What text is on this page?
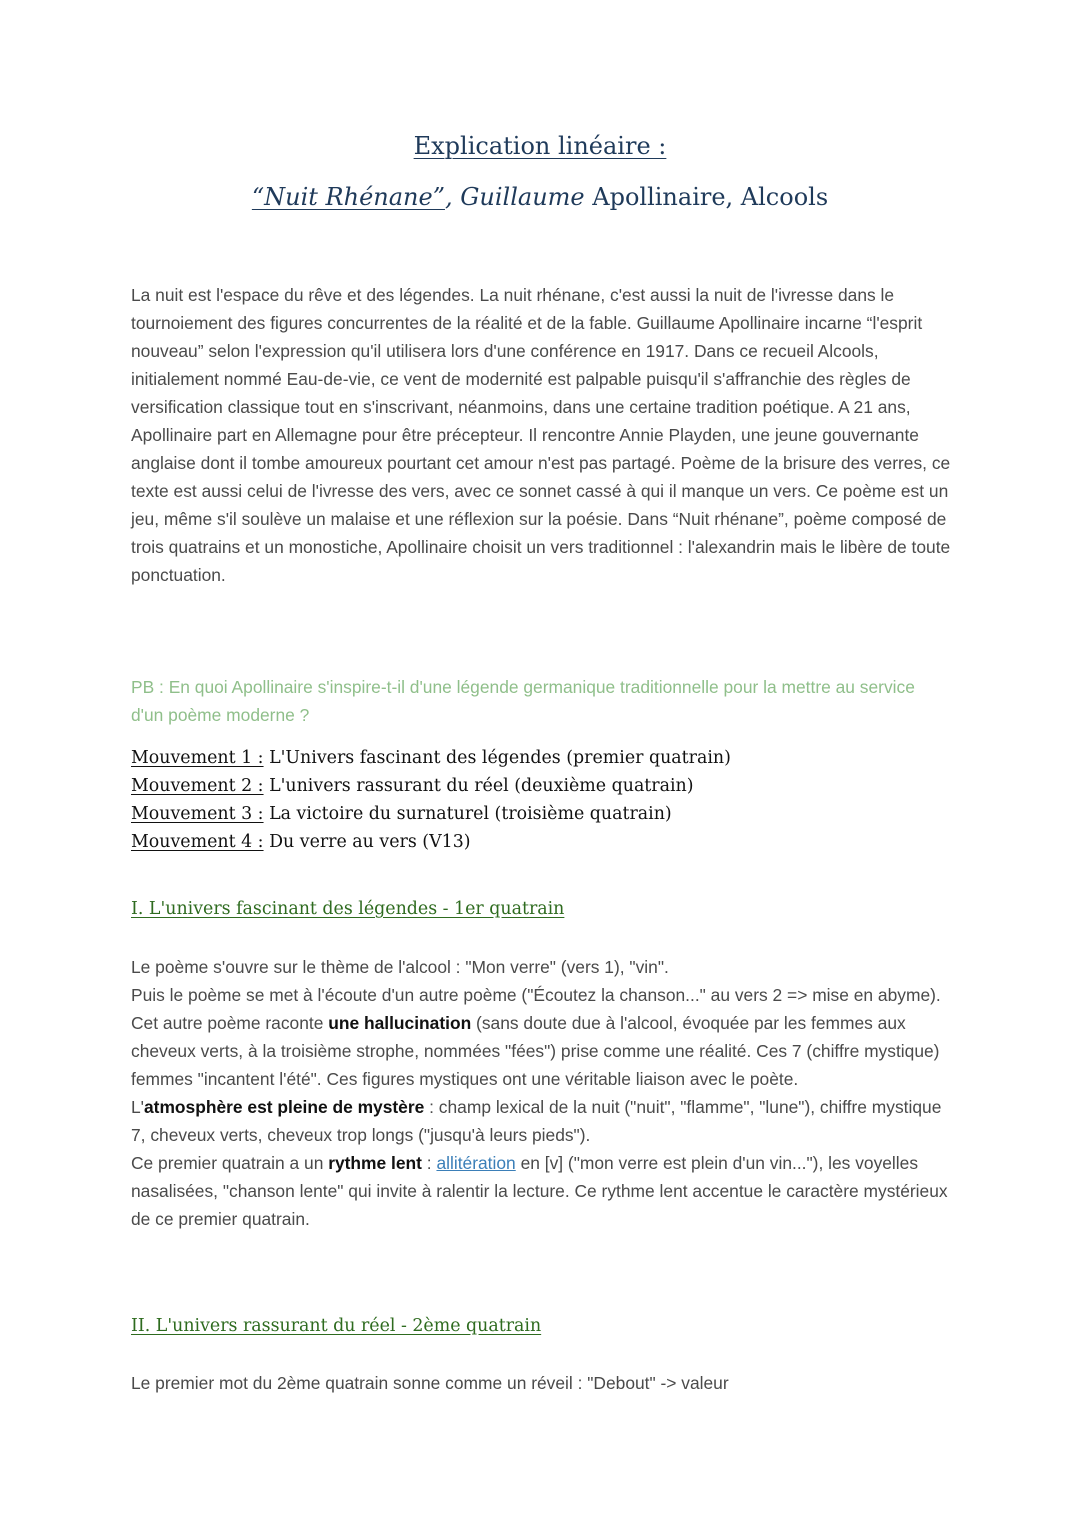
Explication linéaire :
“Nuit Rhénane”, Guillaume Apollinaire, Alcools
La nuit est l'espace du rêve et des légendes. La nuit rhénane, c'est aussi la nuit de l'ivresse dans le tournoiement des figures concurrentes de la réalité et de la fable. Guillaume Apollinaire incarne “l'esprit nouveau” selon l'expression qu'il utilisera lors d'une conférence en 1917. Dans ce recueil Alcools, initialement nommé Eau-de-vie, ce vent de modernité est palpable puisqu'il s'affranchie des règles de versification classique tout en s'inscrivant, néanmoins, dans une certaine tradition poétique. A 21 ans, Apollinaire part en Allemagne pour être précepteur. Il rencontre Annie Playden, une jeune gouvernante anglaise dont il tombe amoureux pourtant cet amour n'est pas partagé. Poème de la brisure des verres, ce texte est aussi celui de l'ivresse des vers, avec ce sonnet cassé à qui il manque un vers. Ce poème est un jeu, même s'il soulève un malaise et une réflexion sur la poésie. Dans “Nuit rhénane”, poème composé de trois quatrains et un monostiche, Apollinaire choisit un vers traditionnel : l'alexandrin mais le libère de toute ponctuation.
PB : En quoi Apollinaire s'inspire-t-il d'une légende germanique traditionnelle pour la mettre au service d'un poème moderne ?
Mouvement 1 : L'Univers fascinant des légendes (premier quatrain)
Mouvement 2 : L'univers rassurant du réel (deuxième quatrain)
Mouvement 3 : La victoire du surnaturel (troisième quatrain)
Mouvement 4 : Du verre au vers (V13)
I. L'univers fascinant des légendes - 1er quatrain
Le poème s'ouvre sur le thème de l'alcool : "Mon verre" (vers 1), "vin".
Puis le poème se met à l'écoute d'un autre poème ("Écoutez la chanson..." au vers 2 => mise en abyme).
Cet autre poème raconte une hallucination (sans doute due à l'alcool, évoquée par les femmes aux cheveux verts, à la troisième strophe, nommées "fées") prise comme une réalité. Ces 7 (chiffre mystique) femmes "incantent l'été". Ces figures mystiques ont une véritable liaison avec le poète.
L'atmosphère est pleine de mystère : champ lexical de la nuit ("nuit", "flamme", "lune"), chiffre mystique 7, cheveux verts, cheveux trop longs ("jusqu'à leurs pieds").
Ce premier quatrain a un rythme lent : allitération en [v] ("mon verre est plein d'un vin..."), les voyelles nasalisées, "chanson lente" qui invite à ralentir la lecture. Ce rythme lent accentue le caractère mystérieux de ce premier quatrain.
II. L'univers rassurant du réel - 2ème quatrain
Le premier mot du 2ème quatrain sonne comme un réveil : "Debout" -> valeur
